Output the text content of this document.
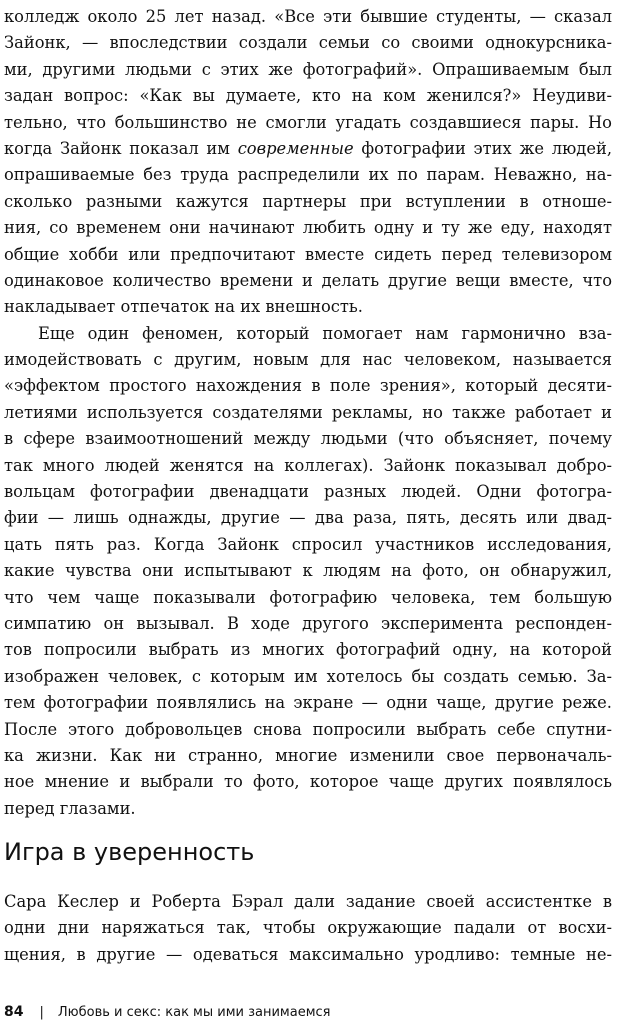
колледж около 25 лет назад. «Все эти бывшие студенты, — сказал
Зайонк, — впоследствии создали семьи со своими однокурсника-
ми, другими людьми с этих же фотографий». Опрашиваемым был
задан вопрос: «Как вы думаете, кто на ком женился?» Неудиви-
тельно, что большинство не смогли угадать создавшиеся пары. Но
когда Зайонк показал им современные фотографии этих же людей,
опрашиваемые без труда распределили их по парам. Неважно, на-
сколько разными кажутся партнеры при вступлении в отноше-
ния, со временем они начинают любить одну и ту же еду, находят
общие хобби или предпочитают вместе сидеть перед телевизором
одинаковое количество времени и делать другие вещи вместе, что
накладывает отпечаток на их внешность.
Еще один феномен, который помогает нам гармонично вза-
имодействовать с другим, новым для нас человеком, называется
«эффектом простого нахождения в поле зрения», который десяти-
летиями используется создателями рекламы, но также работает и
в сфере взаимоотношений между людьми (что объясняет, почему
так много людей женятся на коллегах). Зайонк показывал добро-
вольцам фотографии двенадцати разных людей. Одни фотогра-
фии — лишь однажды, другие — два раза, пять, десять или двад-
цать пять раз. Когда Зайонк спросил участников исследования,
какие чувства они испытывают к людям на фото, он обнаружил,
что чем чаще показывали фотографию человека, тем большую
симпатию он вызывал. В ходе другого эксперимента респонден-
тов попросили выбрать из многих фотографий одну, на которой
изображен человек, с которым им хотелось бы создать семью. За-
тем фотографии появлялись на экране — одни чаще, другие реже.
После этого добровольцев снова попросили выбрать себе спутни-
ка жизни. Как ни странно, многие изменили свое первоначаль-
ное мнение и выбрали то фото, которое чаще других появлялось
перед глазами.
Игра в уверенность
Сара Кеслер и Роберта Бэрал дали задание своей ассистентке в
одни дни наряжаться так, чтобы окружающие падали от восхи-
щения, в другие — одеваться максимально уродливо: темные не-
84 | Любовь и секс: как мы ими занимаемся
